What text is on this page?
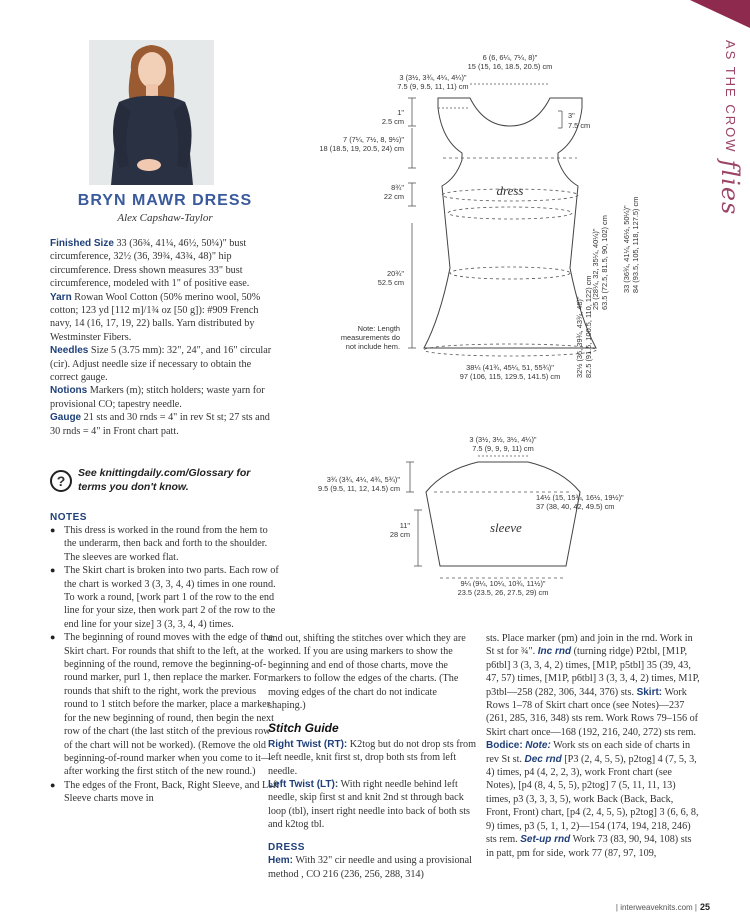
AS THE CROW flies
BRYN MAWR DRESS
Alex Capshaw-Taylor

Finished Size 33 (36¾, 41¼, 46½, 50¼)" bust circumference, 32½ (36, 39¾, 43¾, 48)" hip circumference. Dress shown measures 33" bust circumference, modeled with 1" of positive ease.

Yarn Rowan Wool Cotton (50% merino wool, 50% cotton; 123 yd [112 m]/1¾ oz [50 g]): #909 French navy, 14 (16, 17, 19, 22) balls. Yarn distributed by Westminster Fibers.

Needles Size 5 (3.75 mm): 32", 24", and 16" circular (cir). Adjust needle size if necessary to obtain the correct gauge.

Notions Markers (m); stitch holders; waste yarn for provisional CO; tapestry needle.

Gauge 21 sts and 30 rnds = 4" in rev St st; 27 sts and 30 rnds = 4" in Front chart patt.

?	See knittingdaily.com/Glossary for terms you don't know.
NOTES
● This dress is worked in the round from the hem to the underarm, then back and forth to the shoulder. The sleeves are worked flat.
● The Skirt chart is broken into two parts. Each row of the chart is worked 3 (3, 3, 4, 4) times in one round. To work a round, [work part 1 of the row to the end line for your size, then work part 2 of the row to the end line for your size] 3 (3, 3, 4, 4) times.
● The beginning of round moves with the edge of the Skirt chart. For rounds that shift to the left, at the beginning of the round, remove the beginning-of-round marker, purl 1, then replace the marker. For rounds that shift to the right, work the previous round to 1 stitch before the marker, place a marker for the new beginning of round, then begin the next row of the chart (the last stitch of the previous row of the chart will not be worked). (Remove the old beginning-of-round marker when you come to it—after working the first stitch of the new round.)
● The edges of the Front, Back, Right Sleeve, and Left Sleeve charts move in

and out, shifting the stitches over which they are worked. If you are using markers to show the beginning and end of those charts, move the markers to follow the edges of the charts. (The moving edges of the chart do not indicate shaping.)

Stitch Guide

Right Twist (RT): K2tog but do not drop sts from left needle, knit first st, drop both sts from left needle.

Left Twist (LT): With right needle behind left needle, skip first st and knit 2nd st through back loop (tbl), insert right needle into back of both sts and k2tog tbl.

DRESS

Hem: With 32" cir needle and using a provisional method , CO 216 (236, 256, 288, 314)

sts. Place marker (pm) and join in the rnd. Work in St st for ¾". Inc rnd (turning ridge) P2tbl, [M1P, p6tbl] 3 (3, 3, 4, 2) times, [M1P, p5tbl] 35 (39, 43, 47, 57) times, [M1P, p6tbl] 3 (3, 3, 4, 2) times, M1P, p3tbl—258 (282, 306, 344, 376) sts. Skirt: Work Rows 1–78 of Skirt chart once (see Notes)—237 (261, 285, 316, 348) sts rem. Work Rows 79–156 of Skirt chart once—168 (192, 216, 240, 272) sts rem. Bodice: Note: Work sts on each side of charts in rev St st. Dec rnd [P3 (2, 4, 5, 5), p2tog] 4 (7, 5, 3, 4) times, p4 (4, 2, 2, 3), work Front chart (see Notes), [p4 (8, 4, 5, 5), p2tog] 7 (5, 11, 11, 13) times, p3 (3, 3, 3, 5), work Back (Back, Back, Front, Front) chart, [p4 (2, 4, 5, 5), p2tog] 3 (6, 6, 8, 9) times, p3 (5, 1, 1, 2)—154 (174, 194, 218, 246) sts rem. Set-up rnd Work 73 (83, 90, 94, 108) sts in patt, pm for side, work 77 (87, 97, 109,

dress
6 (6, 6¼, 7¼, 8)"
15 (15, 16, 18.5, 20.5) cm
3 (3½, 3¾, 4¼, 4¼)"
7.5 (9, 9.5, 11, 11) cm
1"
2.5 cm
3"
7.5 cm
7 (7¼, 7½, 8, 9½)"
18 (18.5, 19, 20.5, 24) cm
8¾"
22 cm
20¾"
52.5 cm
Note: Length
measurements do
not include hem.
38¼ (41¾, 45¼, 51, 55¾)"
97 (106, 115, 129.5, 141.5) cm
33 (36¾, 41¼, 46½, 50¼)" 84 (93.5, 105, 118, 127.5) cm
25 (28¼, 32, 35¼, 40¼)" 63.5 (72.5, 81.5, 90, 102) cm
32½ (36, 39¾, 43¾, 48)" 82.5 (91.5, 100.5, 110, 122) cm
sleeve
3 (3½, 3½, 3½, 4¼)"
7.5 (9, 9, 9, 11) cm
3¾ (3¾, 4¼, 4¾, 5¾)"
9.5 (9.5, 11, 12, 14.5) cm
14½ (15, 15¾, 16½, 19½)"
37 (38, 40, 42, 49.5) cm
11"
28 cm
9¼ (9¼, 10¼, 10¾, 11½)"
23.5 (23.5, 26, 27.5, 29) cm
| interweaveknits.com | 25
